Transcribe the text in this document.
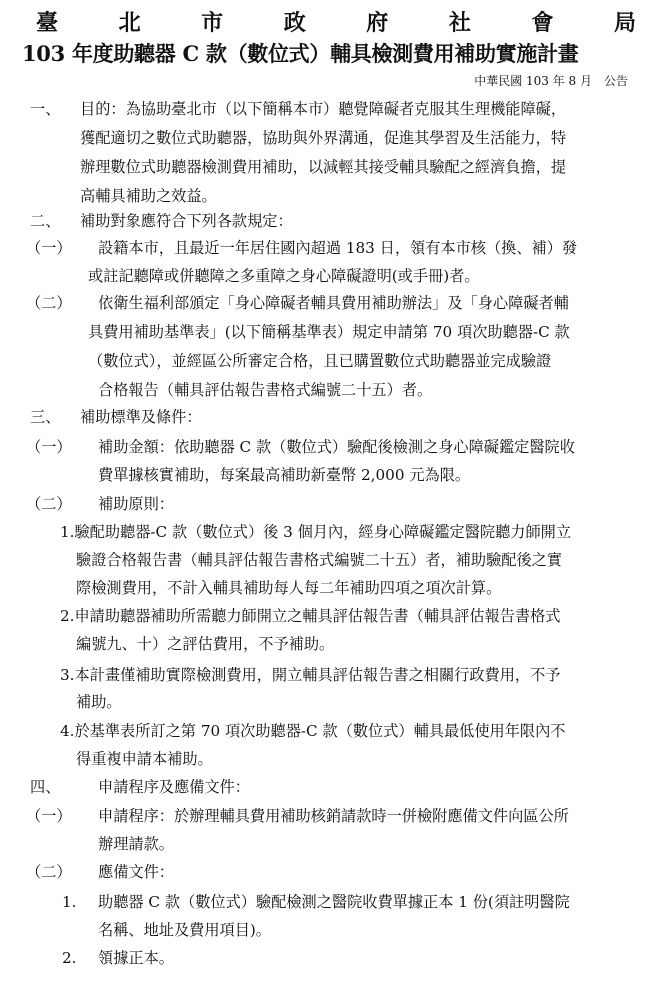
臺	北	市	政	府	社	會	局
103 年度助聽器 C 款（數位式）輔具檢測費用補助實施計畫
中華民國 103 年 8 月　公告
一、 目的：為協助臺北市（以下簡稱本市）聽覺障礙者克服其生理機能障礙，
獲配適切之數位式助聽器，協助與外界溝通，促進其學習及生活能力，特
辦理數位式助聽器檢測費用補助，以減輕其接受輔具驗配之經濟負擔，提
高輔具補助之效益。
二、 補助對象應符合下列各款規定：
（一） 設籍本市，且最近一年居住國內超過 183 日，領有本市核（換、補）發
或註記聽障或併聽障之多重障之身心障礙證明(或手冊)者。
（二） 依衛生福利部頒定「身心障礙者輔具費用補助辦法」及「身心障礙者輔
具費用補助基準表」(以下簡稱基準表）規定申請第 70 項次助聽器-C 款
（數位式），並經區公所審定合格，且已購置數位式助聽器並完成驗證
合格報告（輔具評估報告書格式編號二十五）者。
三、 補助標準及條件：
（一） 補助金額：依助聽器 C 款（數位式）驗配後檢測之身心障礙鑑定醫院收
費單據核實補助，每案最高補助新臺幣 2,000 元為限。
（二） 補助原則：
1.驗配助聽器-C 款（數位式）後 3 個月內，經身心障礙鑑定醫院聽力師開立
驗證合格報告書（輔具評估報告書格式編號二十五）者，補助驗配後之實
際檢測費用，不計入輔具補助每人每二年補助四項之項次計算。
2.申請助聽器補助所需聽力師開立之輔具評估報告書（輔具評估報告書格式
編號九、十）之評估費用，不予補助。
3.本計畫僅補助實際檢測費用，開立輔具評估報告書之相關行政費用，不予
補助。
4.於基準表所訂之第 70 項次助聽器-C 款（數位式）輔具最低使用年限內不
得重複申請本補助。
四、 申請程序及應備文件：
（一） 申請程序：於辦理輔具費用補助核銷請款時一併檢附應備文件向區公所
辦理請款。
（二） 應備文件：
1. 助聽器 C 款（數位式）驗配檢測之醫院收費單據正本 1 份(須註明醫院
名稱、地址及費用項目)。
2. 領據正本。
